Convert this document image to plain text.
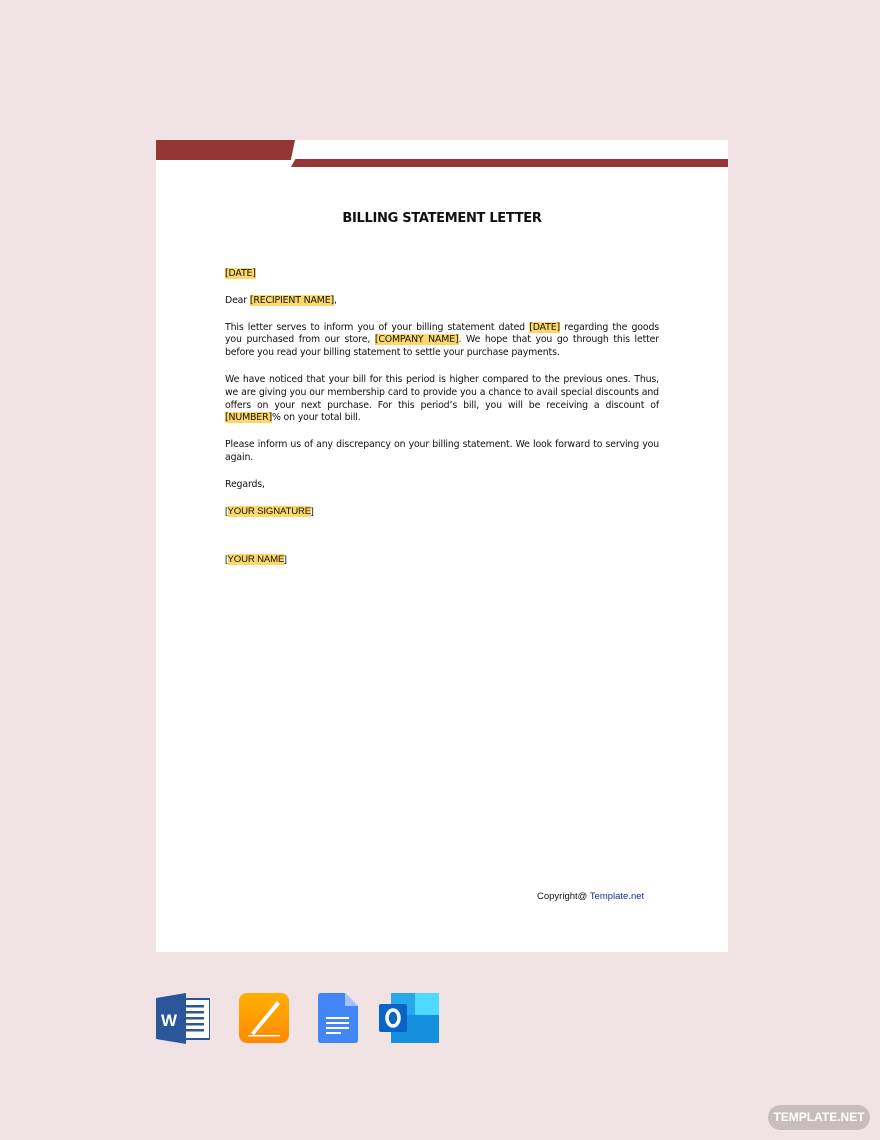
BILLING STATEMENT LETTER

[DATE]

Dear [RECIPIENT NAME],

This letter serves to inform you of your billing statement dated [DATE] regarding the goods you purchased from our store, [COMPANY NAME]. We hope that you go through this letter before you read your billing statement to settle your purchase payments.

We have noticed that your bill for this period is higher compared to the previous ones. Thus, we are giving you our membership card to provide you a chance to avail special discounts and offers on your next purchase. For this period’s bill, you will be receiving a discount of [NUMBER]% on your total bill.

Please inform us of any discrepancy on your billing statement. We look forward to serving you again.

Regards,

[YOUR SIGNATURE]

[YOUR NAME]

Copyright@ Template.net
W
TEMPLATE.NET
